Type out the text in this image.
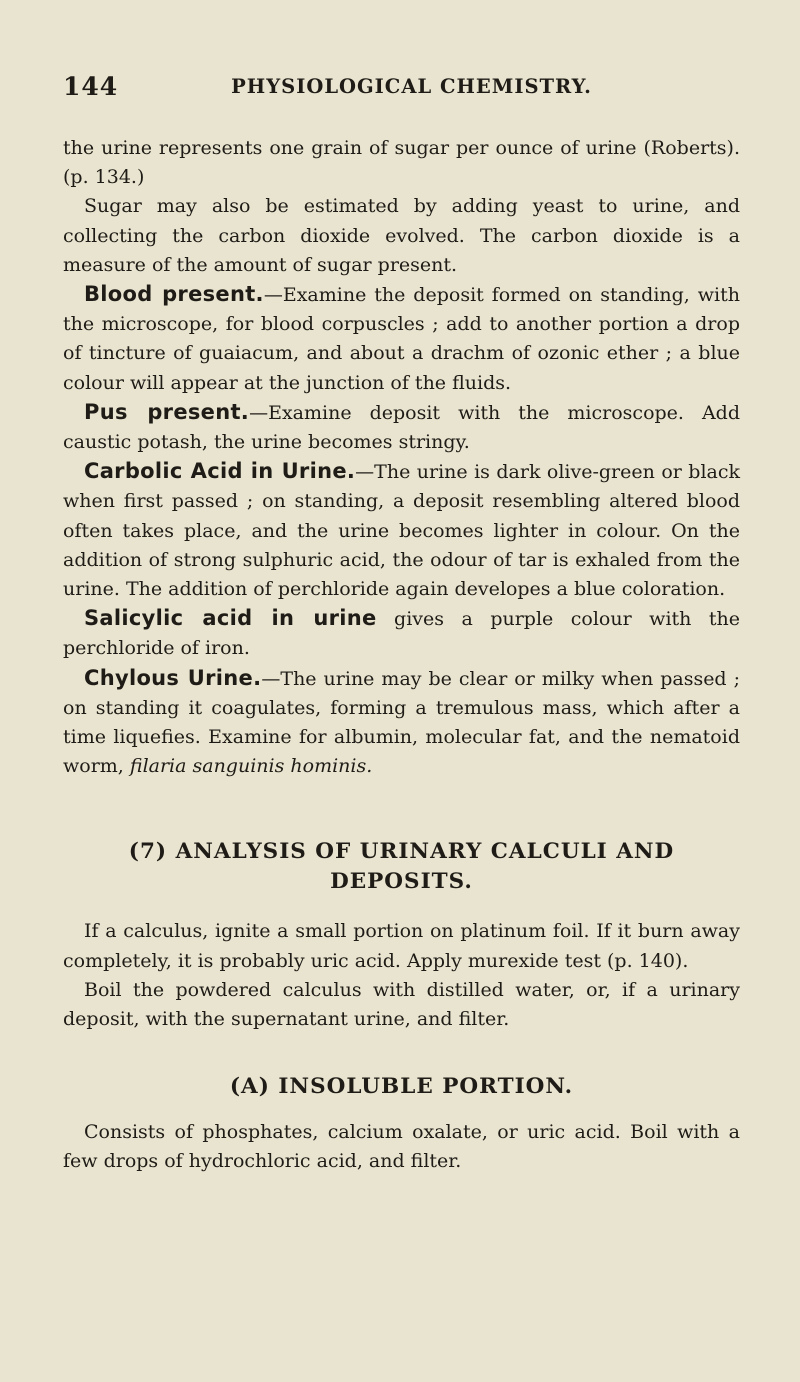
144	PHYSIOLOGICAL CHEMISTRY.

the urine represents one grain of sugar per ounce of urine (Roberts). (p. 134.)

Sugar may also be estimated by adding yeast to urine, and collecting the carbon dioxide evolved. The carbon dioxide is a measure of the amount of sugar present.

Blood present.—Examine the deposit formed on standing, with the microscope, for blood corpuscles ; add to another portion a drop of tincture of guaiacum, and about a drachm of ozonic ether ; a blue colour will appear at the junction of the fluids.

Pus present.—Examine deposit with the microscope. Add caustic potash, the urine becomes stringy.

Carbolic Acid in Urine.—The urine is dark olive-green or black when first passed ; on standing, a deposit resembling altered blood often takes place, and the urine becomes lighter in colour. On the addition of strong sulphuric acid, the odour of tar is exhaled from the urine. The addition of perchloride again developes a blue coloration.

Salicylic acid in urine gives a purple colour with the perchloride of iron.

Chylous Urine.—The urine may be clear or milky when passed ; on standing it coagulates, forming a tremulous mass, which after a time liquefies. Examine for albumin, molecular fat, and the nematoid worm, filaria sanguinis hominis.

(7) ANALYSIS OF URINARY CALCULI AND DEPOSITS.

If a calculus, ignite a small portion on platinum foil. If it burn away completely, it is probably uric acid. Apply murexide test (p. 140).

Boil the powdered calculus with distilled water, or, if a urinary deposit, with the supernatant urine, and filter.

(A) INSOLUBLE PORTION.

Consists of phosphates, calcium oxalate, or uric acid. Boil with a few drops of hydrochloric acid, and filter.
